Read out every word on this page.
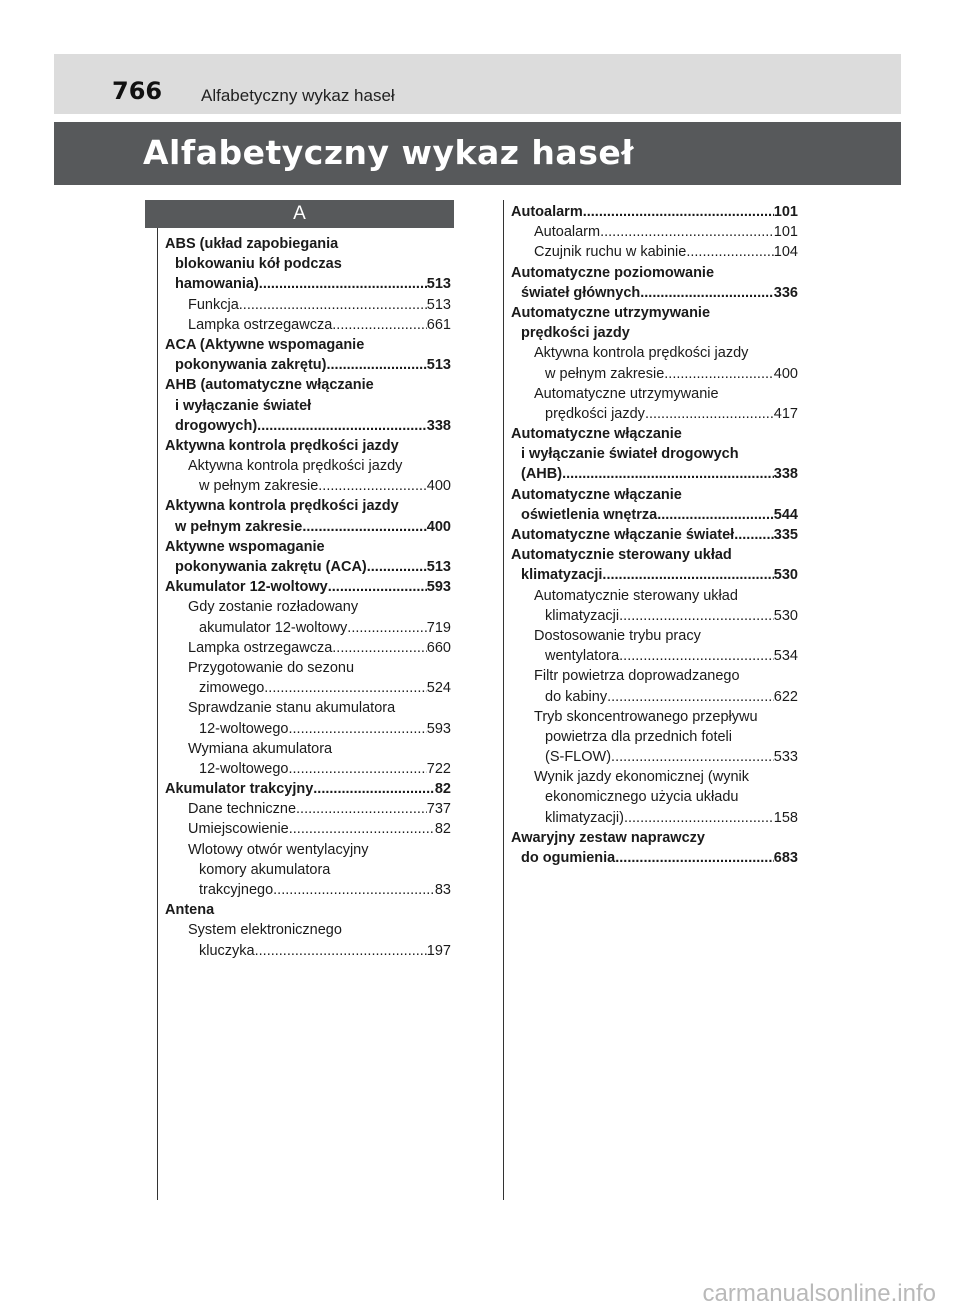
766 Alfabetyczny wykaz haseł
Alfabetyczny wykaz haseł
A
ABS (układ zapobiegania
blokowaniu kół podczas
hamowania) .....	513
Funkcja .....	513
Lampka ostrzegawcza .....	661
ACA (Aktywne wspomaganie
pokonywania zakrętu) .....	513
AHB (automatyczne włączanie
i wyłączanie świateł
drogowych) .....	338
Aktywna kontrola prędkości jazdy
Aktywna kontrola prędkości jazdy
w pełnym zakresie .....	400
Aktywna kontrola prędkości jazdy
w pełnym zakresie .....	400
Aktywne wspomaganie
pokonywania zakrętu (ACA) .....	513
Akumulator 12-woltowy .....	593
Gdy zostanie rozładowany
akumulator 12-woltowy .....	719
Lampka ostrzegawcza .....	660
Przygotowanie do sezonu
zimowego .....	524
Sprawdzanie stanu akumulatora
12-woltowego .....	593
Wymiana akumulatora
12-woltowego .....	722
Akumulator trakcyjny .....	82
Dane techniczne .....	737
Umiejscowienie .....	82
Wlotowy otwór wentylacyjny
komory akumulatora
trakcyjnego .....	83
Antena
System elektronicznego
kluczyka .....	197
Autoalarm .....	101
Autoalarm .....	101
Czujnik ruchu w kabinie .....	104
Automatyczne poziomowanie
świateł głównych .....	336
Automatyczne utrzymywanie
prędkości jazdy
Aktywna kontrola prędkości jazdy
w pełnym zakresie .....	400
Automatyczne utrzymywanie
prędkości jazdy .....	417
Automatyczne włączanie
i wyłączanie świateł drogowych
(AHB) .....	338
Automatyczne włączanie
oświetlenia wnętrza .....	544
Automatyczne włączanie świateł .....	335
Automatycznie sterowany układ
klimatyzacji .....	530
Automatycznie sterowany układ
klimatyzacji .....	530
Dostosowanie trybu pracy
wentylatora .....	534
Filtr powietrza doprowadzanego
do kabiny .....	622
Tryb skoncentrowanego przepływu
powietrza dla przednich foteli
(S-FLOW) .....	533
Wynik jazdy ekonomicznej (wynik
ekonomicznego użycia układu
klimatyzacji) .....	158
Awaryjny zestaw naprawczy
do ogumienia .....	683
carmanualsonline.info
